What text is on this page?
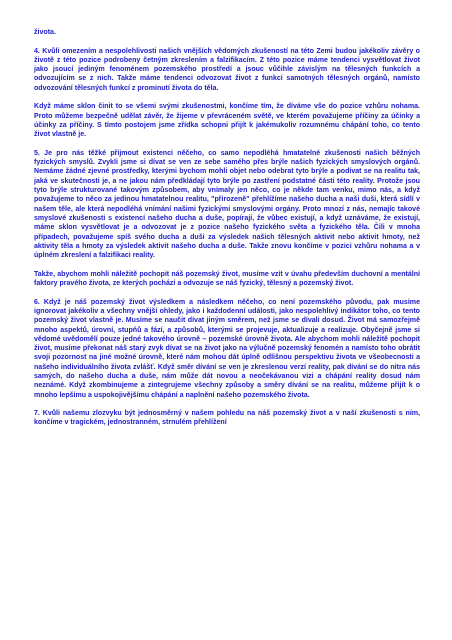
života.

4. Kvůli omezením a nespolehlivosti našich vnějších vědomých zkušeností na této Zemi budou jakékoliv závěry o životě z této pozice podrobeny četným zkreslením a falzifikacím. Z této pozice máme tendenci vysvětlovat život jako jsoucí jediným fenoménem pozemského prostředí a jsouc vůčihle závislým na tělesných funkcích a odvozujícím se z nich. Takže máme tendenci odvozovat život z funkcí samotných tělesných orgánů, namísto odvozování tělesných funkcí z prominutí života do těla.

Když máme sklon činit to se všemi svými zkušenostmi, končíme tím, že díváme vše do pozice vzhůru nohama. Proto můžeme bezpečně udělat závěr, že žijeme v převráceném světě, ve kterém považujeme příčiny za účinky a účinky za příčiny. S tímto postojem jsme zřídka schopni přijít k jakémukoliv rozumnému chápání toho, co tento život vlastně je.

5. Je pro nás těžké přijmout existenci něčeho, co samo nepodléhá hmatatelné zkušenosti našich běžných fyzických smyslů. Zvykli jsme si dívat se ven ze sebe samého přes brýle našich fyzických smyslových orgánů. Nemáme žádné zjevné prostředky, kterými bychom mohli objet nebo odebrat tyto brýle a podívat se na realitu tak, jaká ve skutečnosti je, a ne jakou nám předkládají tyto brýle po zastření podstatné části této reality. Protože jsou tyto brýle strukturované takovým způsobem, aby vnímaly jen něco, co je někde tam venku, mimo nás, a když považujeme to něco za jedinou hmatatelnou realitu, "přirozeně" přehlížíme našeho ducha a naši duši, která sídlí v našem těle, ale která nepodléhá vnímání našimi fyzickými smyslovými orgány. Proto mnozí z nás, nemajíc takové smyslové zkušenosti s existencí našeho ducha a duše, popírají, že vůbec existují, a když uznáváme, že existují, máme sklon vysvětlovat je a odvozovat je z pozice našeho fyzického světa a fyzického těla. Čili v mnoha případech, považujeme spíš svého ducha a duši za výsledek našich tělesných aktivit nebo aktivit hmoty, než aktivity těla a hmoty za výsledek aktivit našeho ducha a duše. Takže znovu končíme v pozici vzhůru nohama a v úplném zkreslení a falzifikaci reality.

Takže, abychom mohli náležitě pochopit náš pozemský život, musíme vzít v úvahu především duchovní a mentální faktory pravého života, ze kterých pochází a odvozuje se náš fyzický, tělesný a pozemský život.

6. Když je náš pozemský život výsledkem a následkem něčeho, co není pozemského původu, pak musíme ignorovat jakékoliv a všechny vnější ohledy, jako i každodenní události, jako nespolehlivý indikátor toho, co tento pozemský život vlastně je. Musíme se naučit dívat jiným směrem, než jsme se dívali dosud. Život má samozřejmě mnoho aspektů, úrovní, stupňů a fází, a způsobů, kterými se projevuje, aktualizuje a realizuje. Obyčejně jsme si vědomé uvědomělí pouze jedné takového úrovně – pozemské úrovně života. Ale abychom mohli náležitě pochopit život, musíme překonat náš starý zvyk dívat se na život jako na výlučně pozemský fenomén a namísto toho obrátit svoji pozornost na jiné možné úrovně, které nám mohou dát úplně odlišnou perspektivu života ve všeobecnosti a našeho individuálního života zvlášť. Když směr dívání se ven je zkreslenou verzí reality, pak dívání se do nitra nás samých, do našeho ducha a duše, nám může dát novou a neočekávanou vizi a chápání reality dosud nám neznámé. Když zkombinujeme a zintegrujeme všechny způsoby a směry dívání se na realitu, můžeme přijít k o mnoho lepšímu a uspokojivějšímu chápání a naplnění našeho pozemského života.

7. Kvůli našemu zlozvyku být jednosměrný v našem pohledu na náš pozemský život a v naší zkušenosti s ním, končíme v tragickém, jednostranném, strnulém přehlížení
